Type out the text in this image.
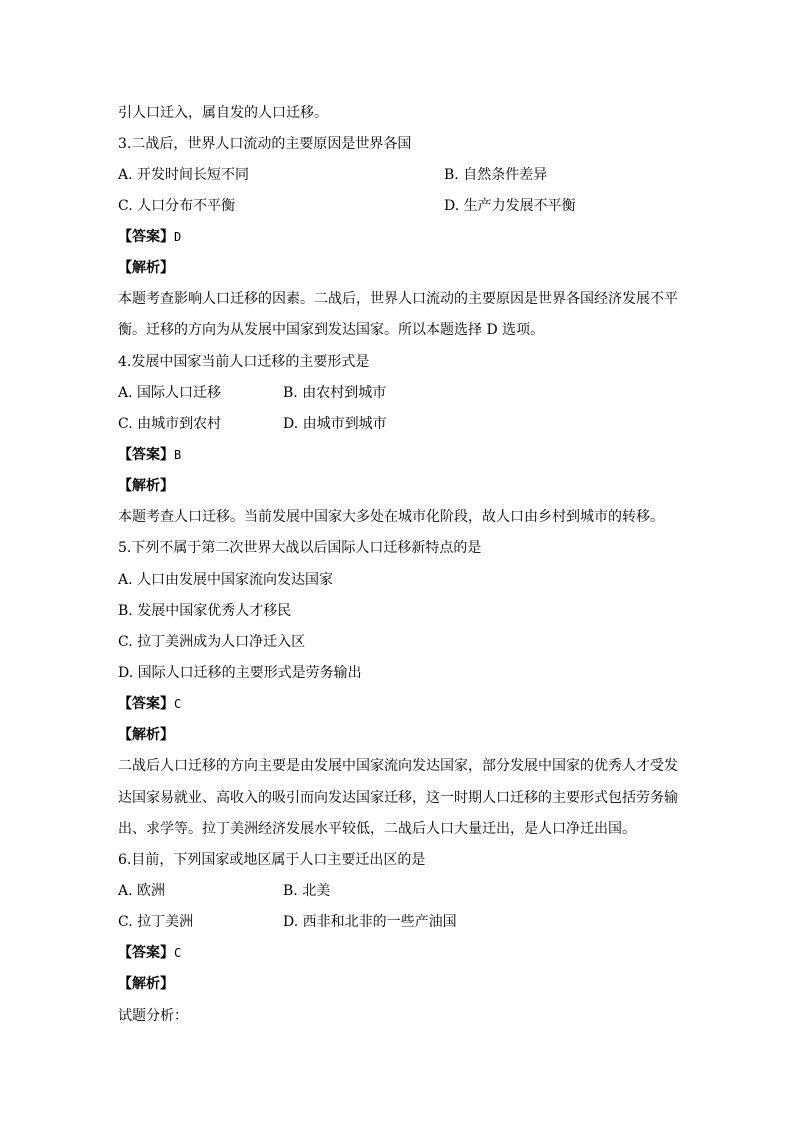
引人口迁入，属自发的人口迁移。
3.二战后，世界人口流动的主要原因是世界各国
A. 开发时间长短不同	B. 自然条件差异
C. 人口分布不平衡	D. 生产力发展不平衡
【答案】D
【解析】
本题考查影响人口迁移的因素。二战后，世界人口流动的主要原因是世界各国经济发展不平
衡。迁移的方向为从发展中国家到发达国家。所以本题选择 D 选项。
4.发展中国家当前人口迁移的主要形式是
A. 国际人口迁移	B. 由农村到城市
C. 由城市到农村	D. 由城市到城市
【答案】B
【解析】
本题考查人口迁移。当前发展中国家大多处在城市化阶段，故人口由乡村到城市的转移。
5.下列不属于第二次世界大战以后国际人口迁移新特点的是
A. 人口由发展中国家流向发达国家
B. 发展中国家优秀人才移民
C. 拉丁美洲成为人口净迁入区
D. 国际人口迁移的主要形式是劳务输出
【答案】C
【解析】
二战后人口迁移的方向主要是由发展中国家流向发达国家，部分发展中国家的优秀人才受发
达国家易就业、高收入的吸引而向发达国家迁移，这一时期人口迁移的主要形式包括劳务输
出、求学等。拉丁美洲经济发展水平较低，二战后人口大量迁出，是人口净迁出国。
6.目前，下列国家或地区属于人口主要迁出区的是
A. 欧洲	B. 北美
C. 拉丁美洲	D. 西非和北非的一些产油国
【答案】C
【解析】
试题分析：
